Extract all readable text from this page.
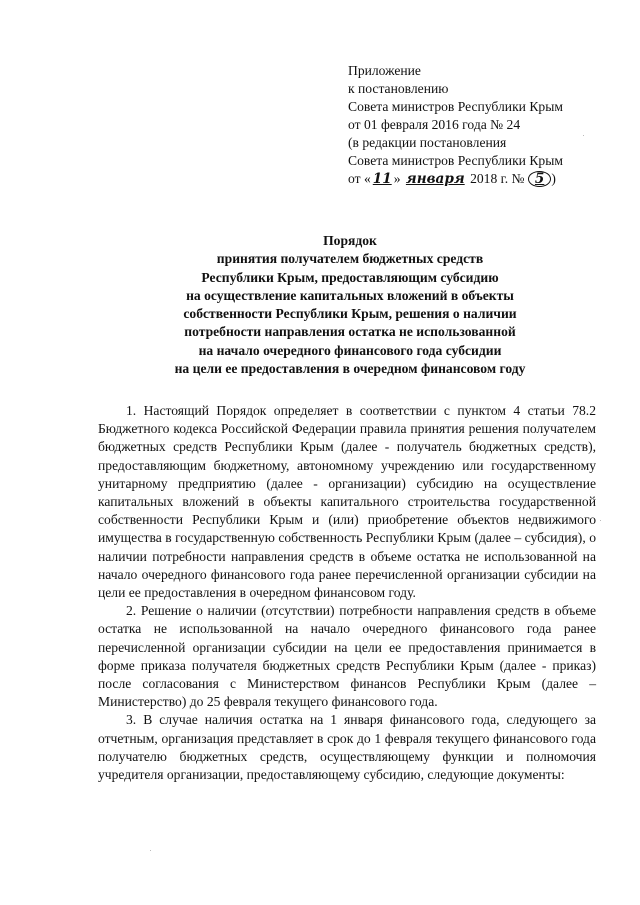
Приложение
к постановлению
Совета министров Республики Крым
от 01 февраля 2016 года № 24
(в редакции постановления
Совета министров Республики Крым
от « 11 » января 2018 г. № 5 )
Порядок
принятия получателем бюджетных средств
Республики Крым, предоставляющим субсидию
на осуществление капитальных вложений в объекты
собственности Республики Крым, решения о наличии
потребности направления остатка не использованной
на начало очередного финансового года субсидии
на цели ее предоставления в очередном финансовом году

1. Настоящий Порядок определяет в соответствии с пунктом 4 статьи 78.2 Бюджетного кодекса Российской Федерации правила принятия решения получателем бюджетных средств Республики Крым (далее - получатель бюджетных средств), предоставляющим бюджетному, автономному учреждению или государственному унитарному предприятию (далее - организации) субсидию на осуществление капитальных вложений в объекты капитального строительства государственной собственности Республики Крым и (или) приобретение объектов недвижимого имущества в государственную собственность Республики Крым (далее – субсидия), о наличии потребности направления средств в объеме остатка не использованной на начало очередного финансового года ранее перечисленной организации субсидии на цели ее предоставления в очередном финансовом году.

2. Решение о наличии (отсутствии) потребности направления средств в объеме остатка не использованной на начало очередного финансового года ранее перечисленной организации субсидии на цели ее предоставления принимается в форме приказа получателя бюджетных средств Республики Крым (далее - приказ) после согласования с Министерством финансов Республики Крым (далее – Министерство) до 25 февраля текущего финансового года.

3. В случае наличия остатка на 1 января финансового года, следующего за отчетным, организация представляет в срок до 1 февраля текущего финансового года получателю бюджетных средств, осуществляющему функции и полномочия учредителя организации, предоставляющему субсидию, следующие документы:
